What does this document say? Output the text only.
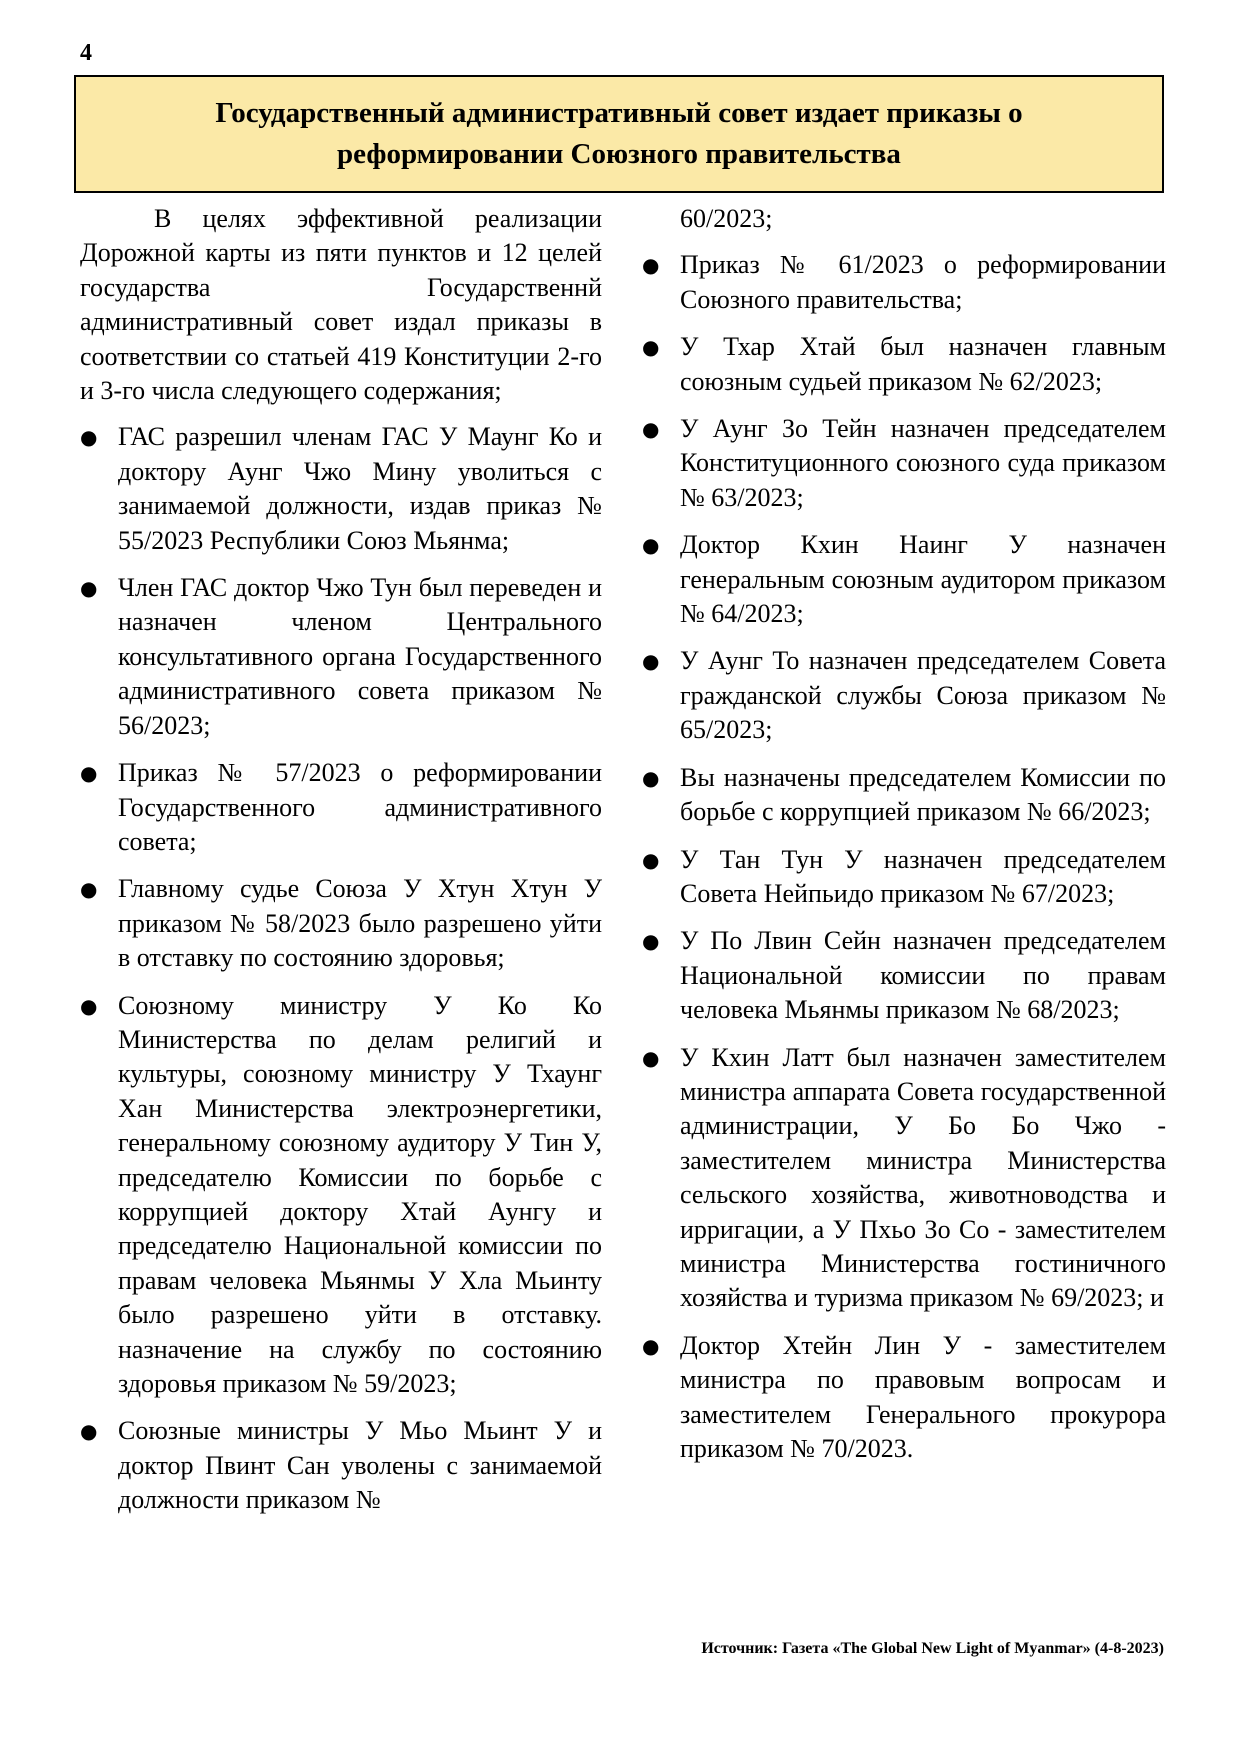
4
Государственный административный совет издает приказы о реформировании Союзного правительства

В целях эффективной реализации Дорожной карты из пяти пунктов и 12 целей государства Государственнй административный совет издал приказы в соответствии со статьей 419 Конституции 2-го и 3-го числа следующего содержания;

● ГАС разрешил членам ГАС У Маунг Ко и доктору Аунг Чжо Мину уволиться с занимаемой должности, издав приказ № 55/2023 Республики Союз Мьянма;
● Член ГАС доктор Чжо Тун был переведен и назначен членом Центрального консультативного органа Государственного административного совета приказом № 56/2023;
● Приказ № 57/2023 о реформировании Государственного административного совета;
● Главному судье Союза У Хтун Хтун У приказом № 58/2023 было разрешено уйти в отставку по состоянию здоровья;
● Союзному министру У Ко Ко Министерства по делам религий и культуры, союзному министру У Тхаунг Хан Министерства электроэнергетики, генеральному союзному аудитору У Тин У, председателю Комиссии по борьбе с коррупцией доктору Хтай Аунгу и председателю Национальной комиссии по правам человека Мьянмы У Хла Мьинту было разрешено уйти в отставку. назначение на службу по состоянию здоровья приказом № 59/2023;
● Союзные министры У Мьо Мьинт У и доктор Пвинт Сан уволены с занимаемой должности приказом №

60/2023;

● Приказ № 61/2023 о реформировании Союзного правительства;
● У Тхар Хтай был назначен главным союзным судьей приказом № 62/2023;
● У Аунг Зо Тейн назначен председателем Конституционного союзного суда приказом № 63/2023;
● Доктор Кхин Наинг У назначен генеральным союзным аудитором приказом № 64/2023;
● У Аунг То назначен председателем Совета гражданской службы Союза приказом № 65/2023;
● Вы назначены председателем Комиссии по борьбе с коррупцией приказом № 66/2023;
● У Тан Тун У назначен председателем Совета Нейпьидо приказом № 67/2023;
● У По Лвин Сейн назначен председателем Национальной комиссии по правам человека Мьянмы приказом № 68/2023;
● У Кхин Латт был назначен заместителем министра аппарата Совета государственной администрации, У Бо Бо Чжо - заместителем министра Министерства сельского хозяйства, животноводства и ирригации, а У Пхьо Зо Со - заместителем министра Министерства гостиничного хозяйства и туризма приказом № 69/2023; и
● Доктор Хтейн Лин У - заместителем министра по правовым вопросам и заместителем Генерального прокурора приказом № 70/2023.
Источник: Газета «The Global New Light of Myanmar» (4-8-2023)
